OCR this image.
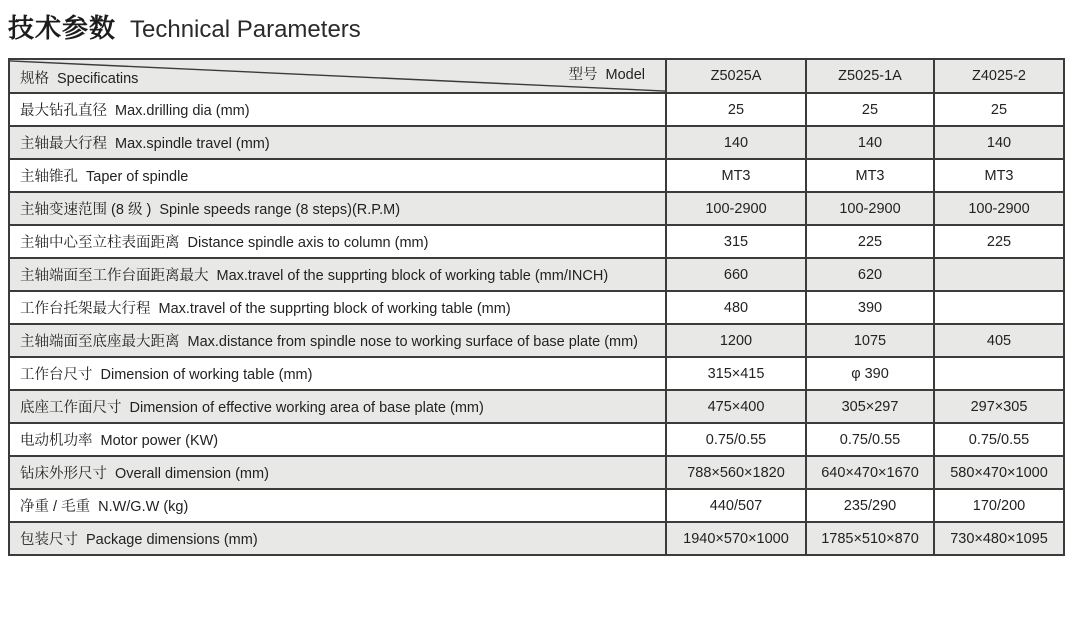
技术参数 Technical Parameters
规格 Specificatins 型号 Model	Z5025A	Z5025-1A	Z4025-2
最大钻孔直径 Max.drilling dia (mm)	25	25	25
主轴最大行程 Max.spindle travel (mm)	140	140	140
主轴锥孔 Taper of spindle	MT3	MT3	MT3
主轴变速范围 (8 级 ) Spinle speeds range (8 steps)(R.P.M)	100-2900	100-2900	100-2900
主轴中心至立柱表面距离 Distance spindle axis to column (mm)	315	225	225
主轴端面至工作台面距离最大 Max.travel of the supprting block of working table (mm/INCH)	660	620	
工作台托架最大行程 Max.travel of the supprting block of working table (mm)	480	390	
主轴端面至底座最大距离 Max.distance from spindle nose to working surface of base plate (mm)	1200	1075	405
工作台尺寸 Dimension of working table (mm)	315×415	φ 390	
底座工作面尺寸 Dimension of effective working area of base plate (mm)	475×400	305×297	297×305
电动机功率 Motor power (KW)	0.75/0.55	0.75/0.55	0.75/0.55
钻床外形尺寸 Overall dimension (mm)	788×560×1820	640×470×1670	580×470×1000
净重 / 毛重 N.W/G.W (kg)	440/507	235/290	170/200
包装尺寸 Package dimensions (mm)	1940×570×1000	1785×510×870	730×480×1095
